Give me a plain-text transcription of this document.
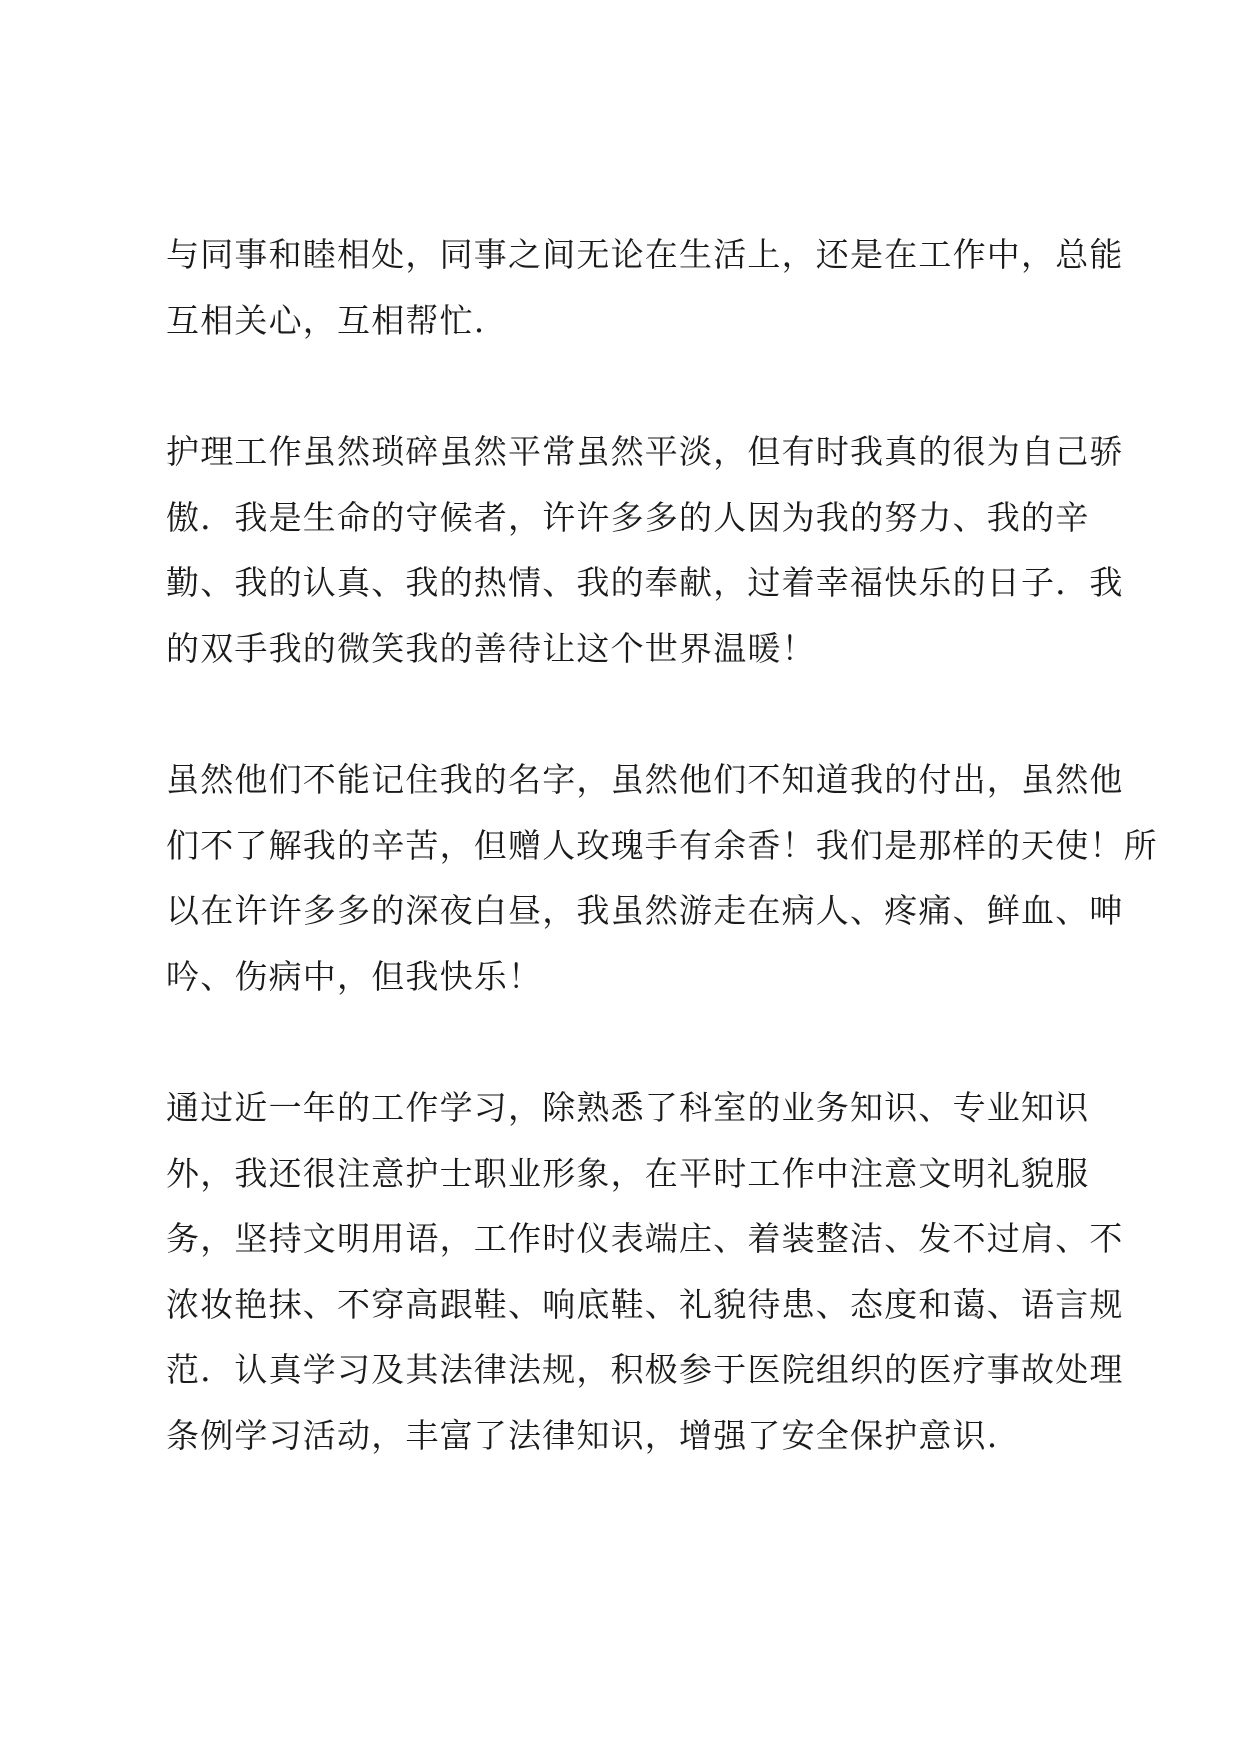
与同事和睦相处，同事之间无论在生活上，还是在工作中，总能
互相关心，互相帮忙.
护理工作虽然琐碎虽然平常虽然平淡，但有时我真的很为自己骄
傲．我是生命的守候者，许许多多的人因为我的努力、我的辛
勤、我的认真、我的热情、我的奉献，过着幸福快乐的日子．我
的双手我的微笑我的善待让这个世界温暖！
虽然他们不能记住我的名字，虽然他们不知道我的付出，虽然他
们不了解我的辛苦，但赠人玫瑰手有余香！我们是那样的天使！所
以在许许多多的深夜白昼，我虽然游走在病人、疼痛、鲜血、呻
吟、伤病中，但我快乐！
通过近一年的工作学习，除熟悉了科室的业务知识、专业知识
外，我还很注意护士职业形象，在平时工作中注意文明礼貌服
务，坚持文明用语，工作时仪表端庄、着装整洁、发不过肩、不
浓妆艳抹、不穿高跟鞋、响底鞋、礼貌待患、态度和蔼、语言规
范．认真学习及其法律法规，积极参于医院组织的医疗事故处理
条例学习活动，丰富了法律知识，增强了安全保护意识.
